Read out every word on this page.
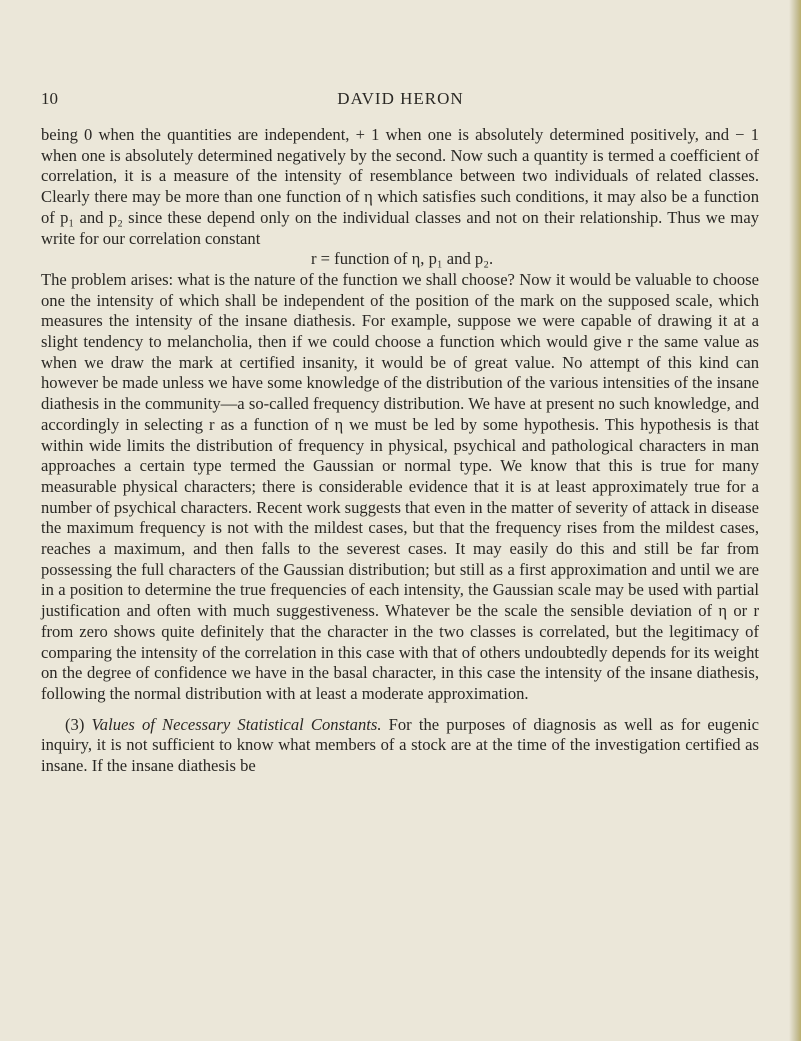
10	DAVID HERON

being 0 when the quantities are independent, + 1 when one is absolutely determined positively, and − 1 when one is absolutely determined negatively by the second. Now such a quantity is termed a coefficient of correlation, it is a measure of the intensity of resemblance between two individuals of related classes. Clearly there may be more than one function of η which satisfies such conditions, it may also be a function of p₁ and p₂ since these depend only on the individual classes and not on their relationship. Thus we may write for our correlation constant

r = function of η, p₁ and p₂.

The problem arises: what is the nature of the function we shall choose? Now it would be valuable to choose one the intensity of which shall be independent of the position of the mark on the supposed scale, which measures the intensity of the insane diathesis. For example, suppose we were capable of drawing it at a slight tendency to melancholia, then if we could choose a function which would give r the same value as when we draw the mark at certified insanity, it would be of great value. No attempt of this kind can however be made unless we have some knowledge of the distribution of the various intensities of the insane diathesis in the community—a so-called frequency distribution. We have at present no such knowledge, and accordingly in selecting r as a function of η we must be led by some hypothesis. This hypothesis is that within wide limits the distribution of frequency in physical, psychical and pathological characters in man approaches a certain type termed the Gaussian or normal type. We know that this is true for many measurable physical characters; there is considerable evidence that it is at least approximately true for a number of psychical characters. Recent work suggests that even in the matter of severity of attack in disease the maximum frequency is not with the mildest cases, but that the frequency rises from the mildest cases, reaches a maximum, and then falls to the severest cases. It may easily do this and still be far from possessing the full characters of the Gaussian distribution; but still as a first approximation and until we are in a position to determine the true frequencies of each intensity, the Gaussian scale may be used with partial justification and often with much suggestiveness. Whatever be the scale the sensible deviation of η or r from zero shows quite definitely that the character in the two classes is correlated, but the legitimacy of comparing the intensity of the correlation in this case with that of others undoubtedly depends for its weight on the degree of confidence we have in the basal character, in this case the intensity of the insane diathesis, following the normal distribution with at least a moderate approximation.

(3) Values of Necessary Statistical Constants. For the purposes of diagnosis as well as for eugenic inquiry, it is not sufficient to know what members of a stock are at the time of the investigation certified as insane. If the insane diathesis be
